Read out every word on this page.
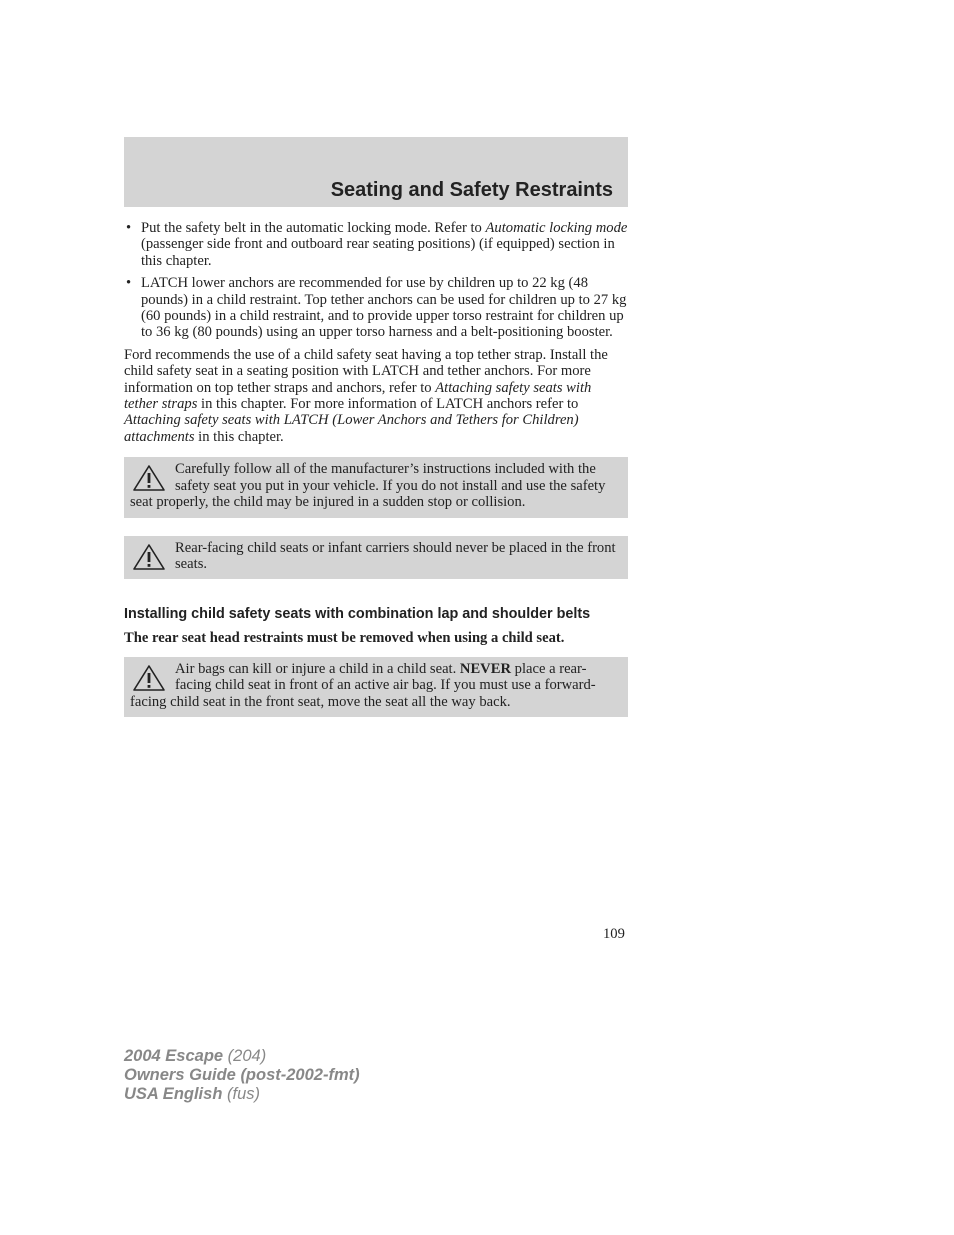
Seating and Safety Restraints
• Put the safety belt in the automatic locking mode. Refer to Automatic locking mode (passenger side front and outboard rear seating positions) (if equipped) section in this chapter.
• LATCH lower anchors are recommended for use by children up to 22 kg (48 pounds) in a child restraint. Top tether anchors can be used for children up to 27 kg (60 pounds) in a child restraint, and to provide upper torso restraint for children up to 36 kg (80 pounds) using an upper torso harness and a belt-positioning booster.

Ford recommends the use of a child safety seat having a top tether strap. Install the child safety seat in a seating position with LATCH and tether anchors. For more information on top tether straps and anchors, refer to Attaching safety seats with tether straps in this chapter. For more information of LATCH anchors refer to Attaching safety seats with LATCH (Lower Anchors and Tethers for Children) attachments in this chapter.

Carefully follow all of the manufacturer’s instructions included with the safety seat you put in your vehicle. If you do not install and use the safety seat properly, the child may be injured in a sudden stop or collision.

Rear-facing child seats or infant carriers should never be placed in the front seats.

Installing child safety seats with combination lap and shoulder belts

The rear seat head restraints must be removed when using a child seat.

Air bags can kill or injure a child in a child seat. NEVER place a rear-facing child seat in front of an active air bag. If you must use a forward-facing child seat in the front seat, move the seat all the way back.

109
2004 Escape (204)
Owners Guide (post-2002-fmt)
USA English (fus)
